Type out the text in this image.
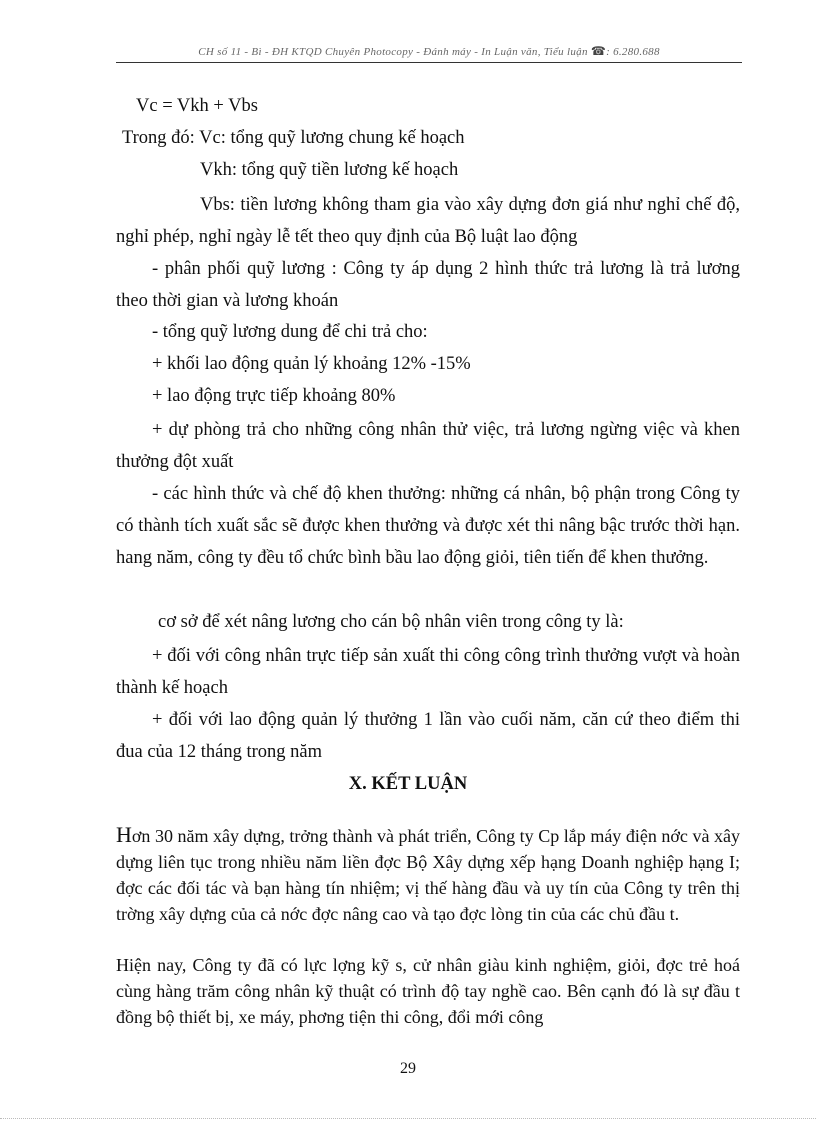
CH số 11 - Bì - ĐH KTQD Chuyên Photocopy - Đánh máy - In Luận văn, Tiểu luận ☎: 6.280.688

Vc = Vkh + Vbs

Trong đó: Vc: tổng quỹ lương chung kế hoạch

Vkh: tổng quỹ tiền lương kế hoạch

Vbs: tiền lương không tham gia vào xây dựng đơn giá như nghỉ chế độ, nghỉ phép, nghỉ ngày lễ tết theo quy định của Bộ luật lao động

- phân phối quỹ lương : Công ty áp dụng 2 hình thức trả lương là trả lương theo thời gian và lương khoán

- tổng quỹ lương dung để chi trả cho:

+ khối lao động quản lý khoảng 12% -15%

+ lao động trực tiếp khoảng 80%

+ dự phòng trả cho những công nhân thử việc, trả lương ngừng việc và khen thưởng đột xuất

- các hình thức và chế độ khen thưởng: những cá nhân, bộ phận trong Công ty có thành tích xuất sắc sẽ được khen thưởng và được xét thi nâng bậc trước thời hạn. hang năm, công ty đều tổ chức bình bầu lao động giỏi, tiên tiến để khen thưởng.

cơ sở để xét nâng lương cho cán bộ nhân viên trong công ty là:

+ đối với công nhân trực tiếp sản xuất thi công công trình thưởng vượt và hoàn thành kế hoạch

+ đối với lao động quản lý thưởng 1 lần vào cuối năm, căn cứ theo điểm thi đua của 12 tháng trong năm

X. KẾT LUẬN

Hơn 30 năm xây dựng, trởng thành và phát triển, Công ty Cp lắp máy điện nớc và xây dựng liên tục trong nhiều năm liền đợc Bộ Xây dựng xếp hạng Doanh nghiệp hạng I; đợc các đối tác và bạn hàng tín nhiệm; vị thế hàng đầu và uy tín của Công ty trên thị trờng xây dựng của cả nớc đợc nâng cao và tạo đợc lòng tin của các chủ đầu t.

Hiện nay, Công ty đã có lực lợng kỹ s, cử nhân giàu kinh nghiệm, giỏi, đợc trẻ hoá cùng hàng trăm công nhân kỹ thuật có trình độ tay nghề cao. Bên cạnh đó là sự đầu t đồng bộ thiết bị, xe máy, phơng tiện thi công, đổi mới công

29
